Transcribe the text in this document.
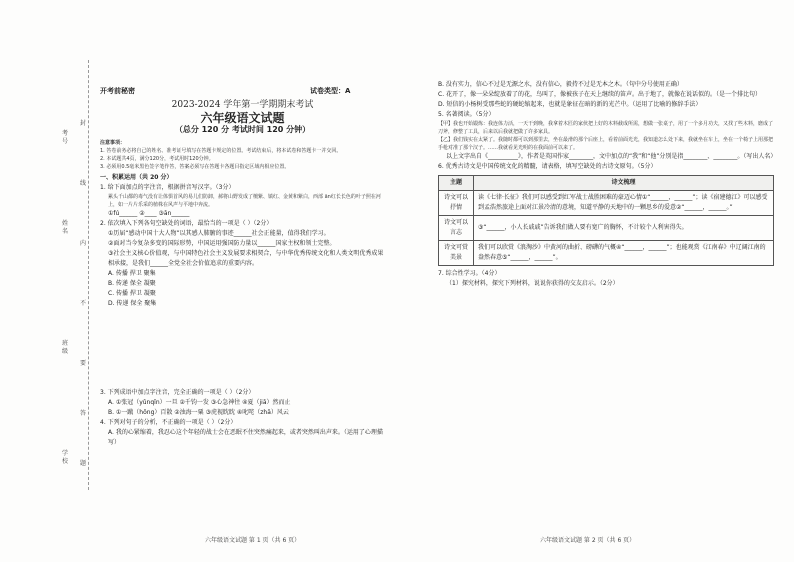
考号
姓名
班级
学校
封
线
内
不
要
答
题
开考前秘密	试卷类型：A
2023-2024 学年第一学期期末考试
六年级语文试题
（总分 120 分 考试时间 120 分钟）
注意事项：
1. 答卷前务必将自己的姓名、准考证号填写在答题卡规定的位置。考试结束后，将本试卷和答题卡一并交回。
2. 本试题共4页，满分120分，考试用时120分钟。
3. 必须用0.5毫米黑色签字笔作答，答案必须写在答题卡各题目指定区域内相应位置。
一、积累运用（共 20 分）
1. 给下面加点的字注音，根据拼音写汉字。（3分）
累头千山都的毒气没有让体惧首风的易儿们防卸，郝将山野发成了檀紫、镇红、金黄和紫白，西部 ān红长长色的叶子照在河上，如一片片乐采的植株在风声与平地中奔流。
①fú______ ②____ ③ān______
2. 依次填入下列各句空缺处的词语，最恰当的一项是（ ）（2分）
①历届“感动中国十大人物”以其感人肺腑的事迹______社会正能量，值得我们学习。
②面对当今复杂多变的国际形势，中国运用强国防力量以______国家主权和领土完整。
③社会主义核心价值观，与中国特色社会主义发展要求相契合，与中华优秀传统文化和人类文明优秀成果相承接，是我们______全党全社会价值追求的重要内容。
A. 传播 捍卫 聚集
B. 传递 保全 凝聚
C. 传播 捍卫 凝聚
D. 传递 保全 聚集
六年级语文试题 第 1 页（共 6 页）
B. 没有实力，信心不过是无源之水，没有信心，毅持不过是无本之木。（句中分号使用正确）
C. 花开了，像一朵朵绽放着了的花，鸟叫了，像被孩子在天上继续的笛声。出于地了，就像在说话似的。（是一个排比句）
D. 短信的小杨树受那些蛇的硬蛇缩起来，也就是象征在暗的新的光芒中。（运用了比喻的修辞手法）
5. 名著阅读。（5分）
【甲】我也开始锻炼：我连体力活，一天干到晚，我拿着木匠的家伙把上好的木料截成所需，想做一张桌子，用了一个多月功夫，又找了些木料，磨成了刀斧，修整了工具，后来以后我就把做了许多家具。
【乙】我们钱实在太紧了。我随时都可以到那里去，坐在最滑的那个后座上，看着前面光光，我知道怎么处下来，我就坐在车上，坐在一个椅子上用那把手枪对准了那个汉子。……我就看见光明的在我面前可以来了。
以上文字出自《__________》，作者是英国作家________，文中加点的“我”和“他”分别是指________、________。（写出人名）
6. 优秀古诗文是中国传统文化的精髓，请表格，填写空缺处的古诗文原句。（5分）
主题	诗文梳理
诗文可以抒情	读《七律·长征》我们可以感受到红军战士战胜困难的豪迈心情①“______，______”；读《宿建德江》可以感受到孟浩然旅途上面对江景冷清的意境，知道平静的天地中的一颗思乡的爱意②“______，______。”
诗文可以言志	③“______，小人长戚戚”告诉我们做人要有宽广的胸怀，不计较个人利害得失。
诗文可赏美景	我们可以欣赏《浪淘沙》中黄河的曲折、磅礴的气概④“______，______”；也能观赏《江南春》中辽阔江南的盎然春意⑤“______，______”。
7. 综合性学习。（4分）
（1）探究材料，探究下列材料，说说你获得的交友启示。（2分）
六年级语文试题 第 2 页（共 6 页）
3. 下列成语中加点字注音，完全正确的一项是（ ）（2分）
A. ①张冠（yǔnqǐn）一旦 ②千钧一发 ③心急神往 ④夏（jiā）然而止
B. ①一蹴（hōng）百散 ②浊海一粟 ③虎视眈眈 ④叱咤（zhā）风云
4. 下列对句子的分析，不正确的一项是（ ）（2分）
A. 我的心紧缩着，我忍心这个年轻的战士会在恶眠不住突然痛起来，或者突然叫出声来。（运用了心理描写）
